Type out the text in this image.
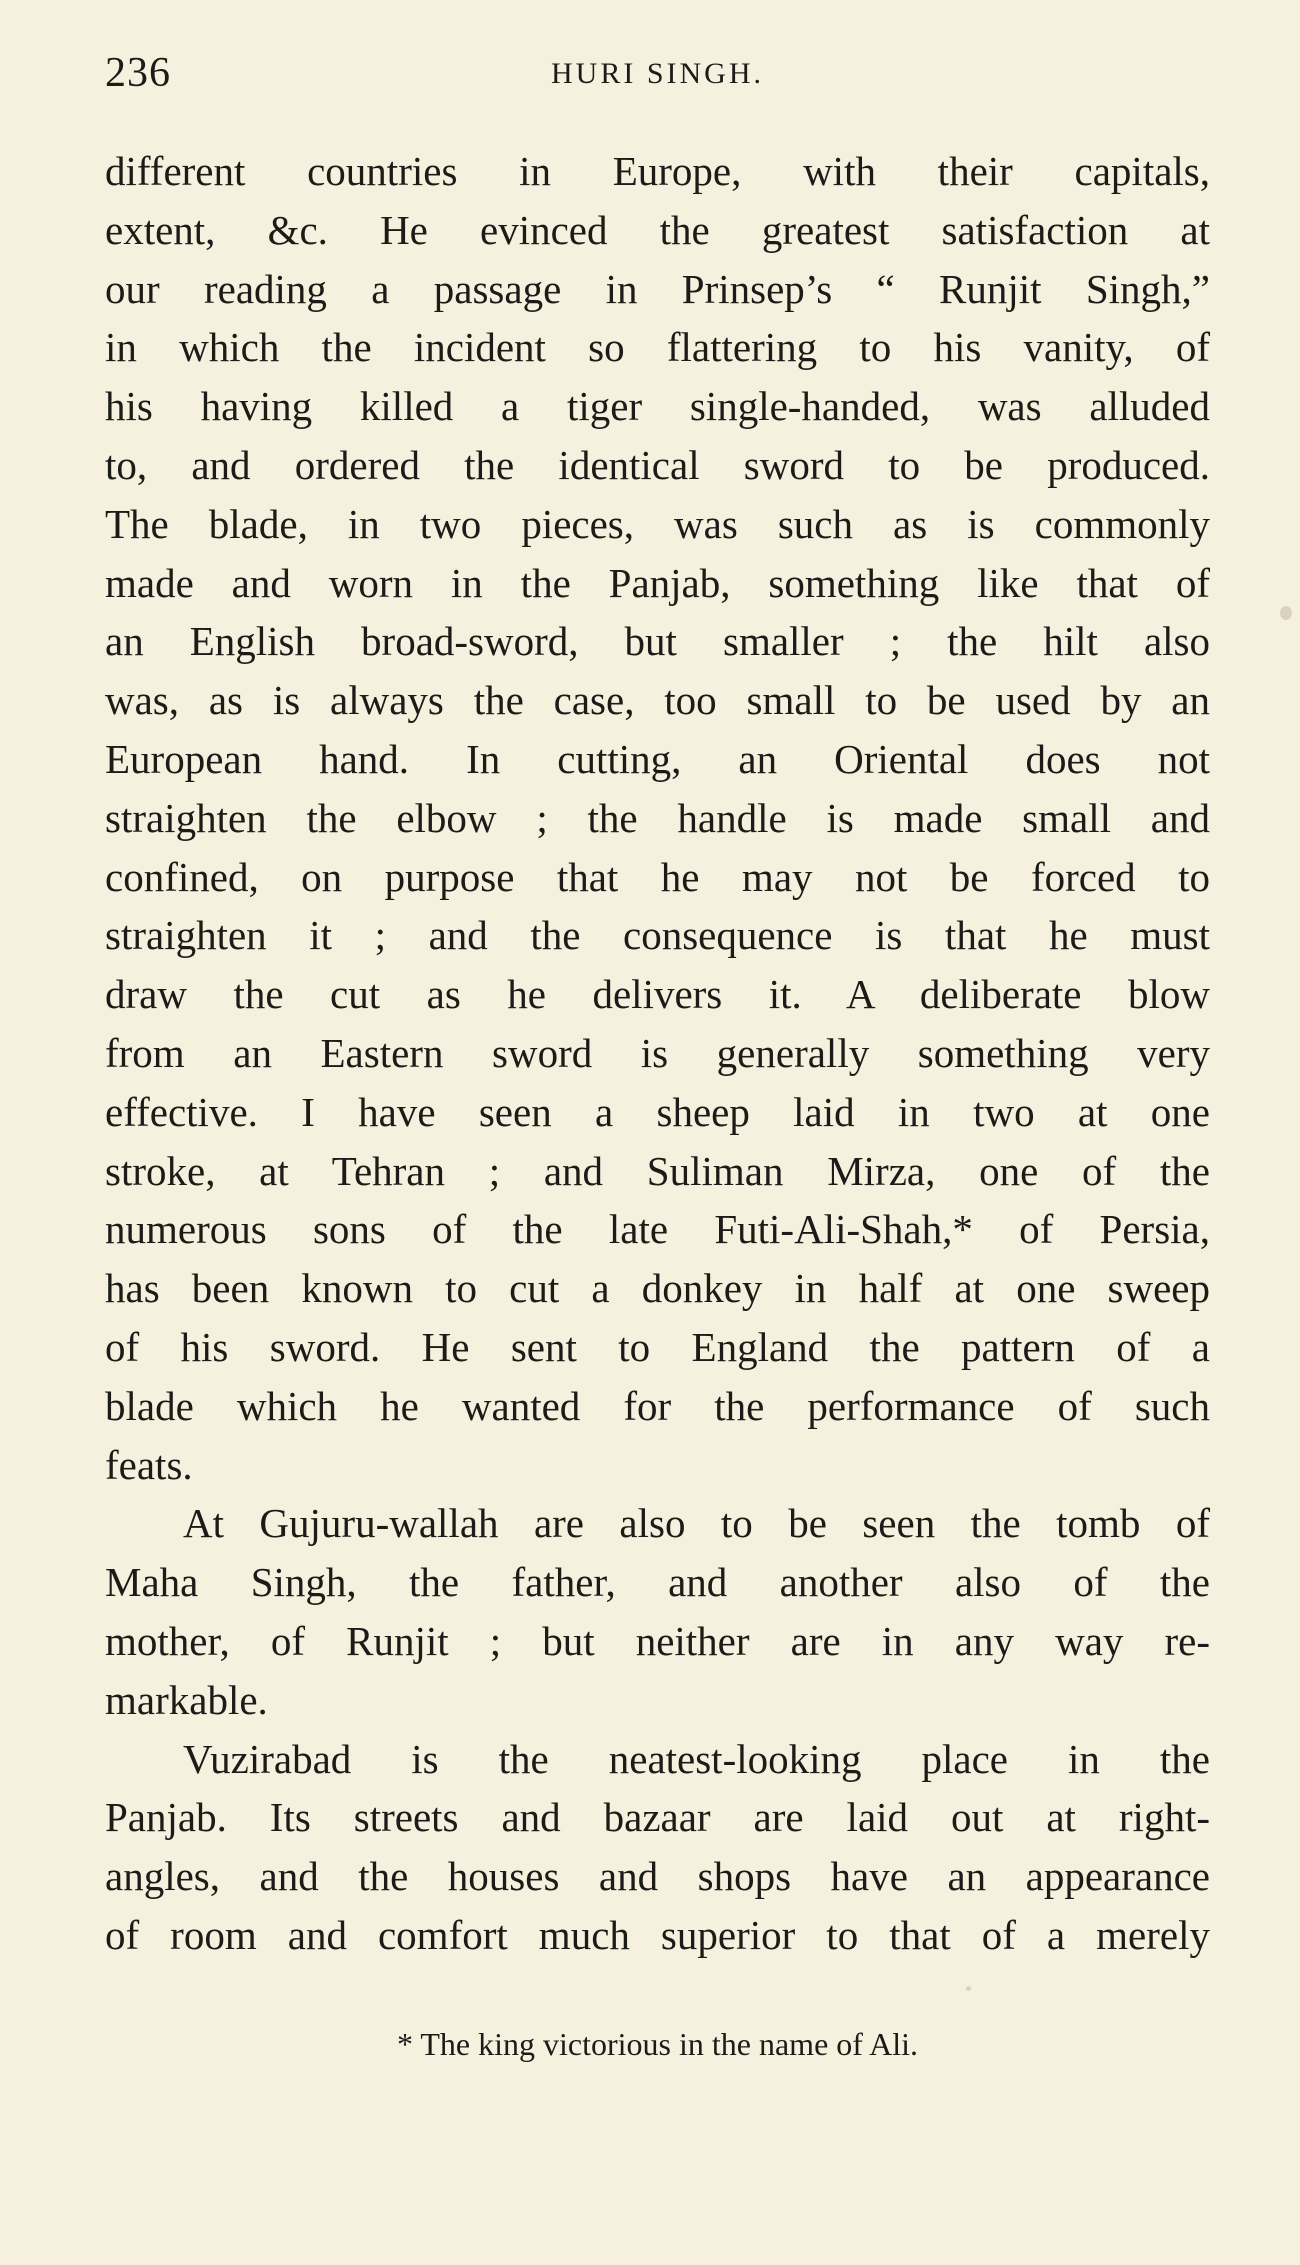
236	HURI SINGH.
different countries in Europe, with their capitals,
extent, &c. He evinced the greatest satisfaction at
our reading a passage in Prinsep’s “ Runjit Singh,”
in which the incident so flattering to his vanity, of
his having killed a tiger single-handed, was alluded
to, and ordered the identical sword to be produced.
The blade, in two pieces, was such as is commonly
made and worn in the Panjab, something like that of
an English broad-sword, but smaller ; the hilt also
was, as is always the case, too small to be used by an
European hand. In cutting, an Oriental does not
straighten the elbow ; the handle is made small and
confined, on purpose that he may not be forced to
straighten it ; and the consequence is that he must
draw the cut as he delivers it. A deliberate blow
from an Eastern sword is generally something very
effective. I have seen a sheep laid in two at one
stroke, at Tehran ; and Suliman Mirza, one of the
numerous sons of the late Futi-Ali-Shah,* of Persia,
has been known to cut a donkey in half at one sweep
of his sword. He sent to England the pattern of a
blade which he wanted for the performance of such
feats.
At Gujuru-wallah are also to be seen the tomb of
Maha Singh, the father, and another also of the
mother, of Runjit ; but neither are in any way re-
markable.
Vuzirabad is the neatest-looking place in the
Panjab. Its streets and bazaar are laid out at right-
angles, and the houses and shops have an appearance
of room and comfort much superior to that of a merely
* The king victorious in the name of Ali.
